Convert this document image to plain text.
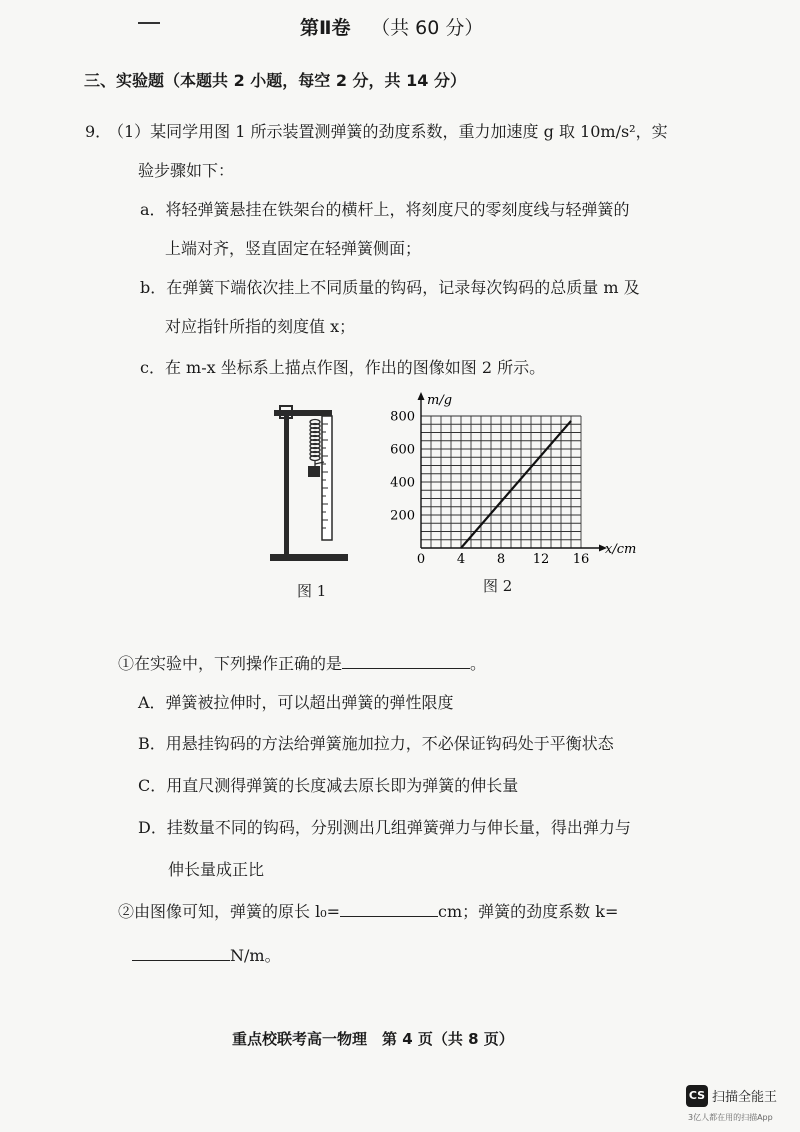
第Ⅱ卷 （共 60 分）
三、实验题（本题共 2 小题，每空 2 分，共 14 分）
9．
（1）某同学用图 1 所示装置测弹簧的劲度系数，重力加速度 g 取 10m/s²，实
验步骤如下：
a．将轻弹簧悬挂在铁架台的横杆上，将刻度尺的零刻度线与轻弹簧的
上端对齐，竖直固定在轻弹簧侧面；
b．在弹簧下端依次挂上不同质量的钩码，记录每次钩码的总质量 m 及
对应指针所指的刻度值 x；
c．在 m-x 坐标系上描点作图，作出的图像如图 2 所示。
图 1
0 4 8 12 16
200
400
600
800
m/g
x/cm
图 2
①在实验中，下列操作正确的是	。
A．弹簧被拉伸时，可以超出弹簧的弹性限度
B．用悬挂钩码的方法给弹簧施加拉力，不必保证钩码处于平衡状态
C．用直尺测得弹簧的长度减去原长即为弹簧的伸长量
D．挂数量不同的钩码，分别测出几组弹簧弹力与伸长量，得出弹力与
伸长量成正比
②由图像可知，弹簧的原长 l₀=	cm；弹簧的劲度系数 k=
N/m。
重点校联考高一物理　第 4 页（共 8 页）
CS 扫描全能王
3亿人都在用的扫描App
